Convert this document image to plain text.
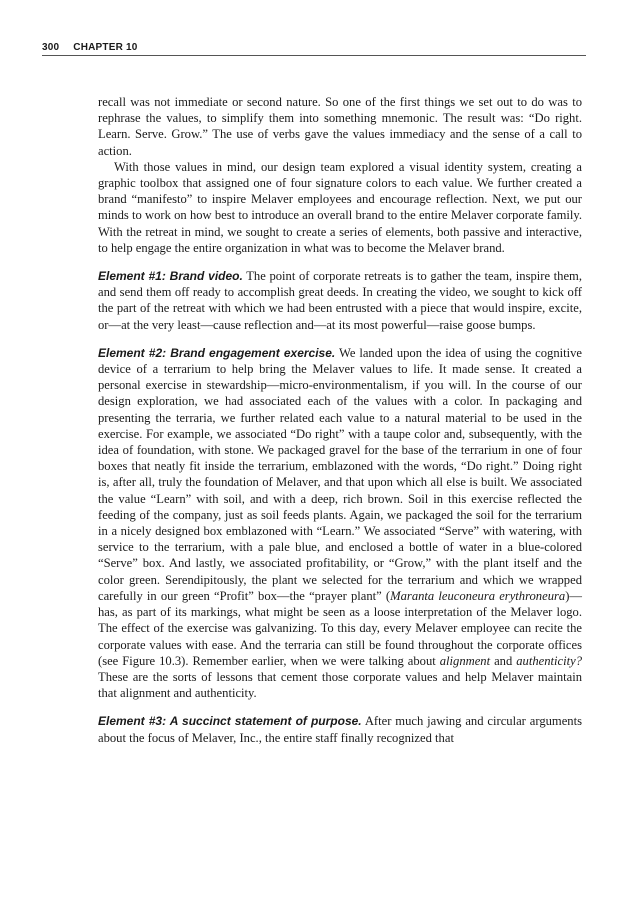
300 CHAPTER 10

recall was not immediate or second nature. So one of the first things we set out to do was to rephrase the values, to simplify them into something mnemonic. The result was: “Do right. Learn. Serve. Grow.” The use of verbs gave the values immediacy and the sense of a call to action.

With those values in mind, our design team explored a visual identity system, creating a graphic toolbox that assigned one of four signature colors to each value. We further created a brand “manifesto” to inspire Melaver employees and encourage reflection. Next, we put our minds to work on how best to introduce an overall brand to the entire Melaver corporate family. With the retreat in mind, we sought to create a series of elements, both passive and interactive, to help engage the entire organization in what was to become the Melaver brand.

Element #1: Brand video. The point of corporate retreats is to gather the team, inspire them, and send them off ready to accomplish great deeds. In creating the video, we sought to kick off the part of the retreat with which we had been entrusted with a piece that would inspire, excite, or—at the very least—cause reflection and—at its most powerful—raise goose bumps.

Element #2: Brand engagement exercise. We landed upon the idea of using the cognitive device of a terrarium to help bring the Melaver values to life. It made sense. It created a personal exercise in stewardship—micro-environmentalism, if you will. In the course of our design exploration, we had associated each of the values with a color. In packaging and presenting the terraria, we further related each value to a natural material to be used in the exercise. For example, we associated “Do right” with a taupe color and, subsequently, with the idea of foundation, with stone. We packaged gravel for the base of the terrarium in one of four boxes that neatly fit inside the terrarium, emblazoned with the words, “Do right.” Doing right is, after all, truly the foundation of Melaver, and that upon which all else is built. We associated the value “Learn” with soil, and with a deep, rich brown. Soil in this exercise reflected the feeding of the company, just as soil feeds plants. Again, we packaged the soil for the terrarium in a nicely designed box emblazoned with “Learn.” We associated “Serve” with watering, with service to the terrarium, with a pale blue, and enclosed a bottle of water in a blue-colored “Serve” box. And lastly, we associated profitability, or “Grow,” with the plant itself and the color green. Serendipitously, the plant we selected for the terrarium and which we wrapped carefully in our green “Profit” box—the “prayer plant” (Maranta leuconeura erythroneura)—has, as part of its markings, what might be seen as a loose interpretation of the Melaver logo. The effect of the exercise was galvanizing. To this day, every Melaver employee can recite the corporate values with ease. And the terraria can still be found throughout the corporate offices (see Figure 10.3). Remember earlier, when we were talking about alignment and authenticity? These are the sorts of lessons that cement those corporate values and help Melaver maintain that alignment and authenticity.

Element #3: A succinct statement of purpose. After much jawing and circular arguments about the focus of Melaver, Inc., the entire staff finally recognized that
